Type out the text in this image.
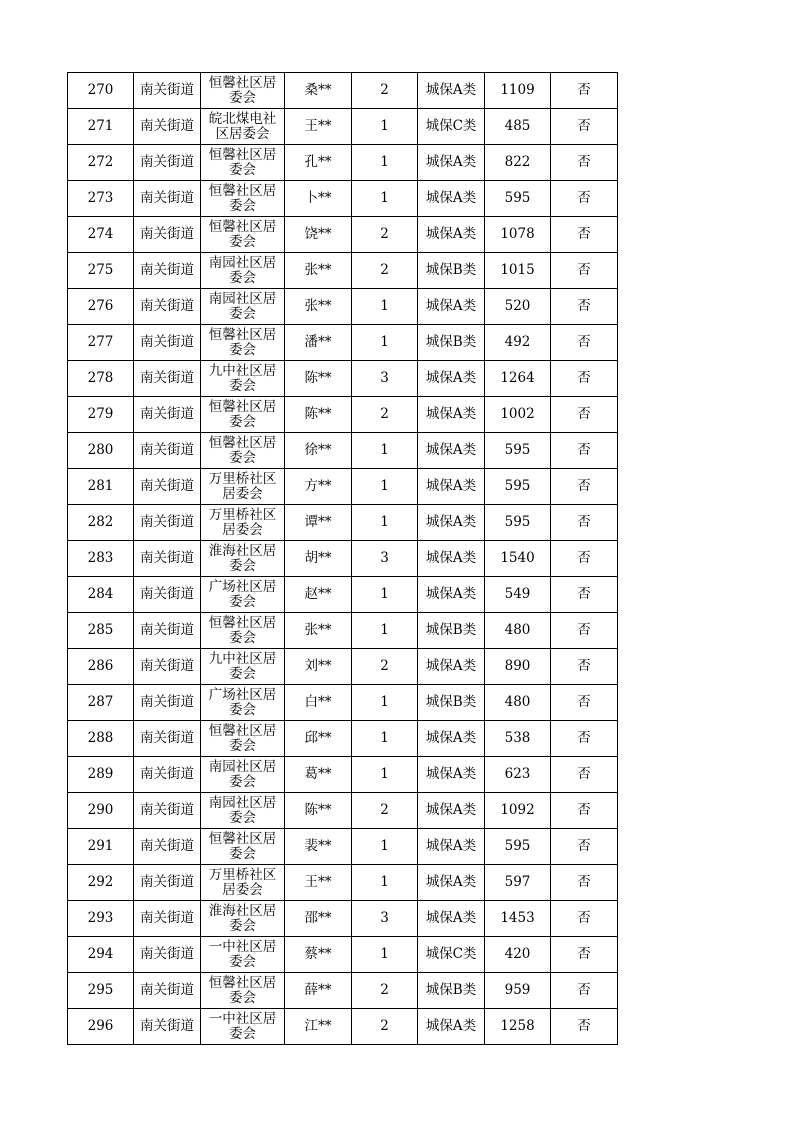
270	南关街道	恒馨社区居委会	桑**	2	城保A类	1109	否
271	南关街道	皖北煤电社区居委会	王**	1	城保C类	485	否
272	南关街道	恒馨社区居委会	孔**	1	城保A类	822	否
273	南关街道	恒馨社区居委会	卜**	1	城保A类	595	否
274	南关街道	恒馨社区居委会	饶**	2	城保A类	1078	否
275	南关街道	南园社区居委会	张**	2	城保B类	1015	否
276	南关街道	南园社区居委会	张**	1	城保A类	520	否
277	南关街道	恒馨社区居委会	潘**	1	城保B类	492	否
278	南关街道	九中社区居委会	陈**	3	城保A类	1264	否
279	南关街道	恒馨社区居委会	陈**	2	城保A类	1002	否
280	南关街道	恒馨社区居委会	徐**	1	城保A类	595	否
281	南关街道	万里桥社区居委会	方**	1	城保A类	595	否
282	南关街道	万里桥社区居委会	谭**	1	城保A类	595	否
283	南关街道	淮海社区居委会	胡**	3	城保A类	1540	否
284	南关街道	广场社区居委会	赵**	1	城保A类	549	否
285	南关街道	恒馨社区居委会	张**	1	城保B类	480	否
286	南关街道	九中社区居委会	刘**	2	城保A类	890	否
287	南关街道	广场社区居委会	白**	1	城保B类	480	否
288	南关街道	恒馨社区居委会	邱**	1	城保A类	538	否
289	南关街道	南园社区居委会	葛**	1	城保A类	623	否
290	南关街道	南园社区居委会	陈**	2	城保A类	1092	否
291	南关街道	恒馨社区居委会	裴**	1	城保A类	595	否
292	南关街道	万里桥社区居委会	王**	1	城保A类	597	否
293	南关街道	淮海社区居委会	邵**	3	城保A类	1453	否
294	南关街道	一中社区居委会	蔡**	1	城保C类	420	否
295	南关街道	恒馨社区居委会	薛**	2	城保B类	959	否
296	南关街道	一中社区居委会	江**	2	城保A类	1258	否
